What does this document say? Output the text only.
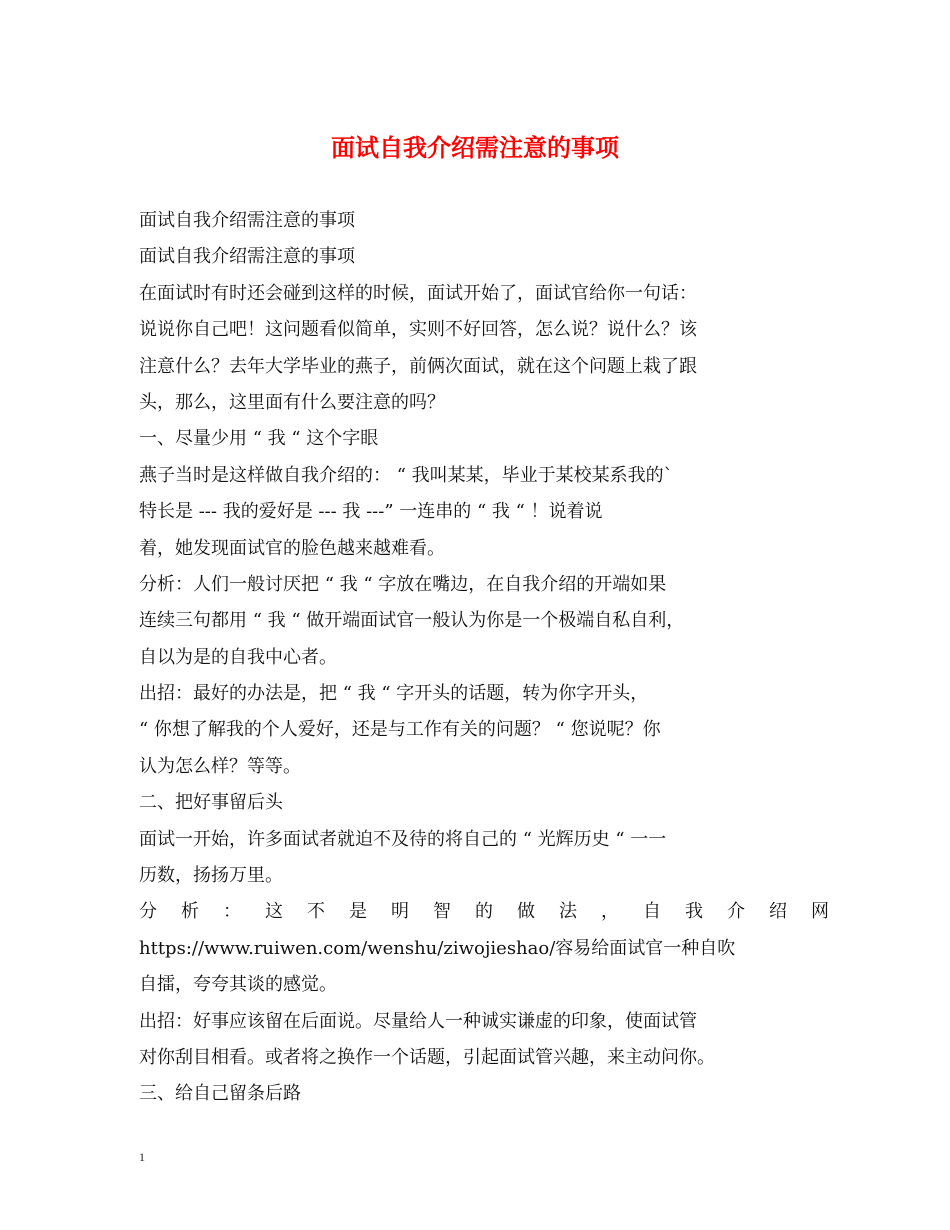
面试自我介绍需注意的事项
面试自我介绍需注意的事项
面试自我介绍需注意的事项
在面试时有时还会碰到这样的时候，面试开始了，面试官给你一句话：
说说你自己吧！这问题看似简单，实则不好回答，怎么说？说什么？该
注意什么？去年大学毕业的燕子，前俩次面试，就在这个问题上栽了跟
头，那么，这里面有什么要注意的吗？
一、尽量少用 “ 我 “ 这个字眼
燕子当时是这样做自我介绍的： “ 我叫某某，毕业于某校某系我的`
特长是 --- 我的爱好是 --- 我 ---” 一连串的 “ 我 “ ！说着说
着，她发现面试官的脸色越来越难看。
分析：人们一般讨厌把 “ 我 “ 字放在嘴边，在自我介绍的开端如果
连续三句都用 “ 我 “ 做开端面试官一般认为你是一个极端自私自利，
自以为是的自我中心者。
出招：最好的办法是，把 “ 我 “ 字开头的话题，转为你字开头，
“ 你想了解我的个人爱好，还是与工作有关的问题？ “ 您说呢？你
认为怎么样？等等。
二、把好事留后头
面试一开始，许多面试者就迫不及待的将自己的 “ 光辉历史 “ 一一
历数，扬扬万里。
分 析 ： 这 不 是 明 智 的 做 法 ， 自 我 介 绍 网
https://www.ruiwen.com/wenshu/ziwojieshao/容易给面试官一种自吹
自擂，夸夸其谈的感觉。
出招：好事应该留在后面说。尽量给人一种诚实谦虚的印象，使面试管
对你刮目相看。或者将之换作一个话题，引起面试管兴趣，来主动问你。
三、给自己留条后路
1
